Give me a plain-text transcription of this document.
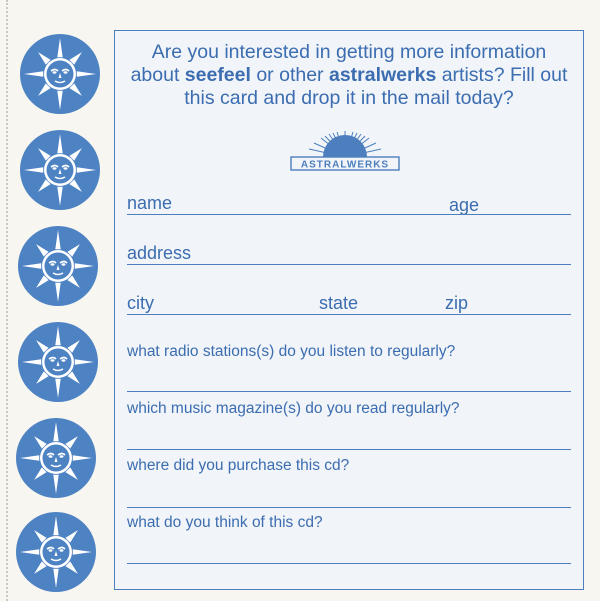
Are you interested in getting more information about seefeel or other astralwerks artists? Fill out this card and drop it in the mail today?
ASTRALWERKS
name	age
address
city	state	zip
what radio stations(s) do you listen to regularly?
which music magazine(s) do you read regularly?
where did you purchase this cd?
what do you think of this cd?
